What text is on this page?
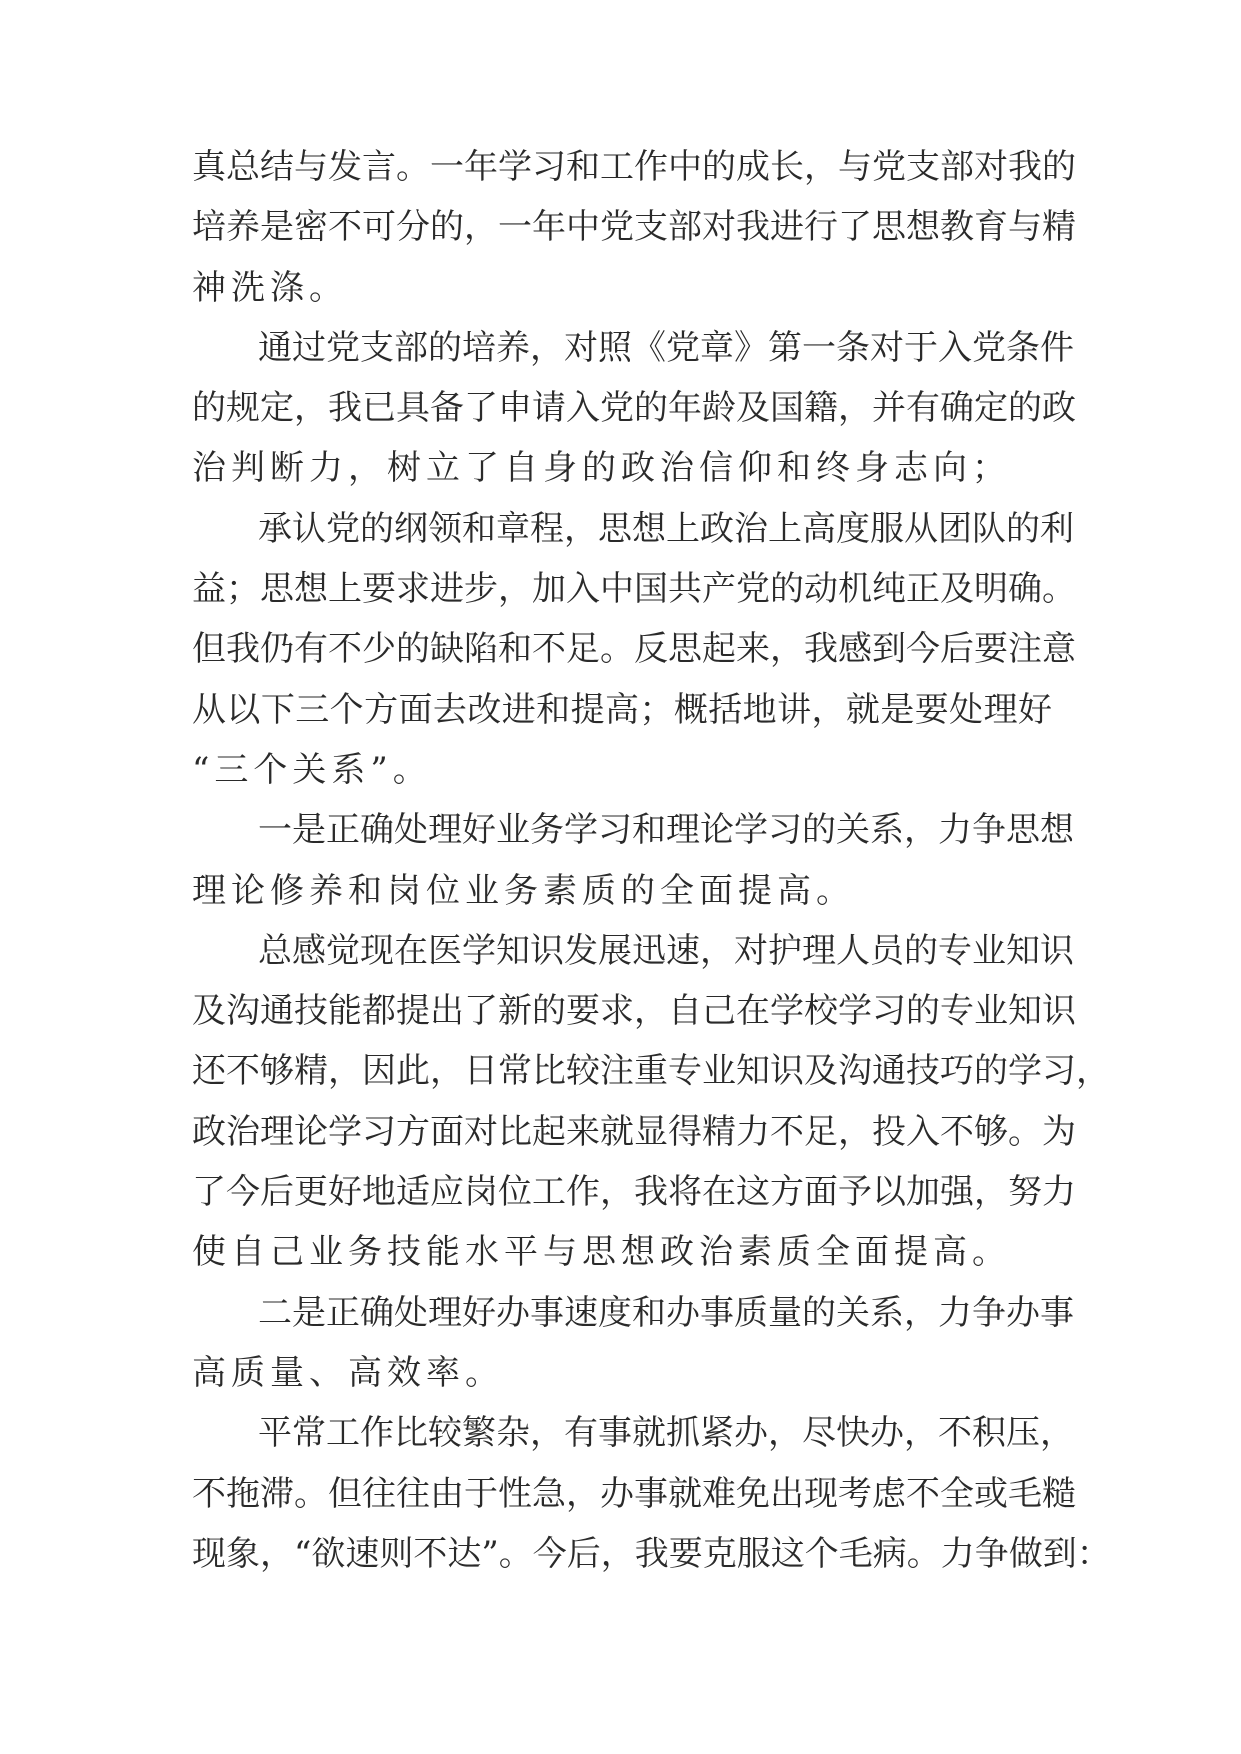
真总结与发言。一年学习和工作中的成长，与党支部对我的
培养是密不可分的，一年中党支部对我进行了思想教育与精
神洗涤。
通过党支部的培养，对照《党章》第一条对于入党条件
的规定，我已具备了申请入党的年龄及国籍，并有确定的政
治判断力，树立了自身的政治信仰和终身志向；
承认党的纲领和章程，思想上政治上高度服从团队的利
益；思想上要求进步，加入中国共产党的动机纯正及明确。
但我仍有不少的缺陷和不足。反思起来，我感到今后要注意
从以下三个方面去改进和提高；概括地讲，就是要处理好
“三个关系”。
一是正确处理好业务学习和理论学习的关系，力争思想
理论修养和岗位业务素质的全面提高。
总感觉现在医学知识发展迅速，对护理人员的专业知识
及沟通技能都提出了新的要求，自己在学校学习的专业知识
还不够精，因此，日常比较注重专业知识及沟通技巧的学习，
政治理论学习方面对比起来就显得精力不足，投入不够。为
了今后更好地适应岗位工作，我将在这方面予以加强，努力
使自己业务技能水平与思想政治素质全面提高。
二是正确处理好办事速度和办事质量的关系，力争办事
高质量、高效率。
平常工作比较繁杂，有事就抓紧办，尽快办，不积压，
不拖滞。但往往由于性急，办事就难免出现考虑不全或毛糙
现象，“欲速则不达”。今后，我要克服这个毛病。力争做到：
